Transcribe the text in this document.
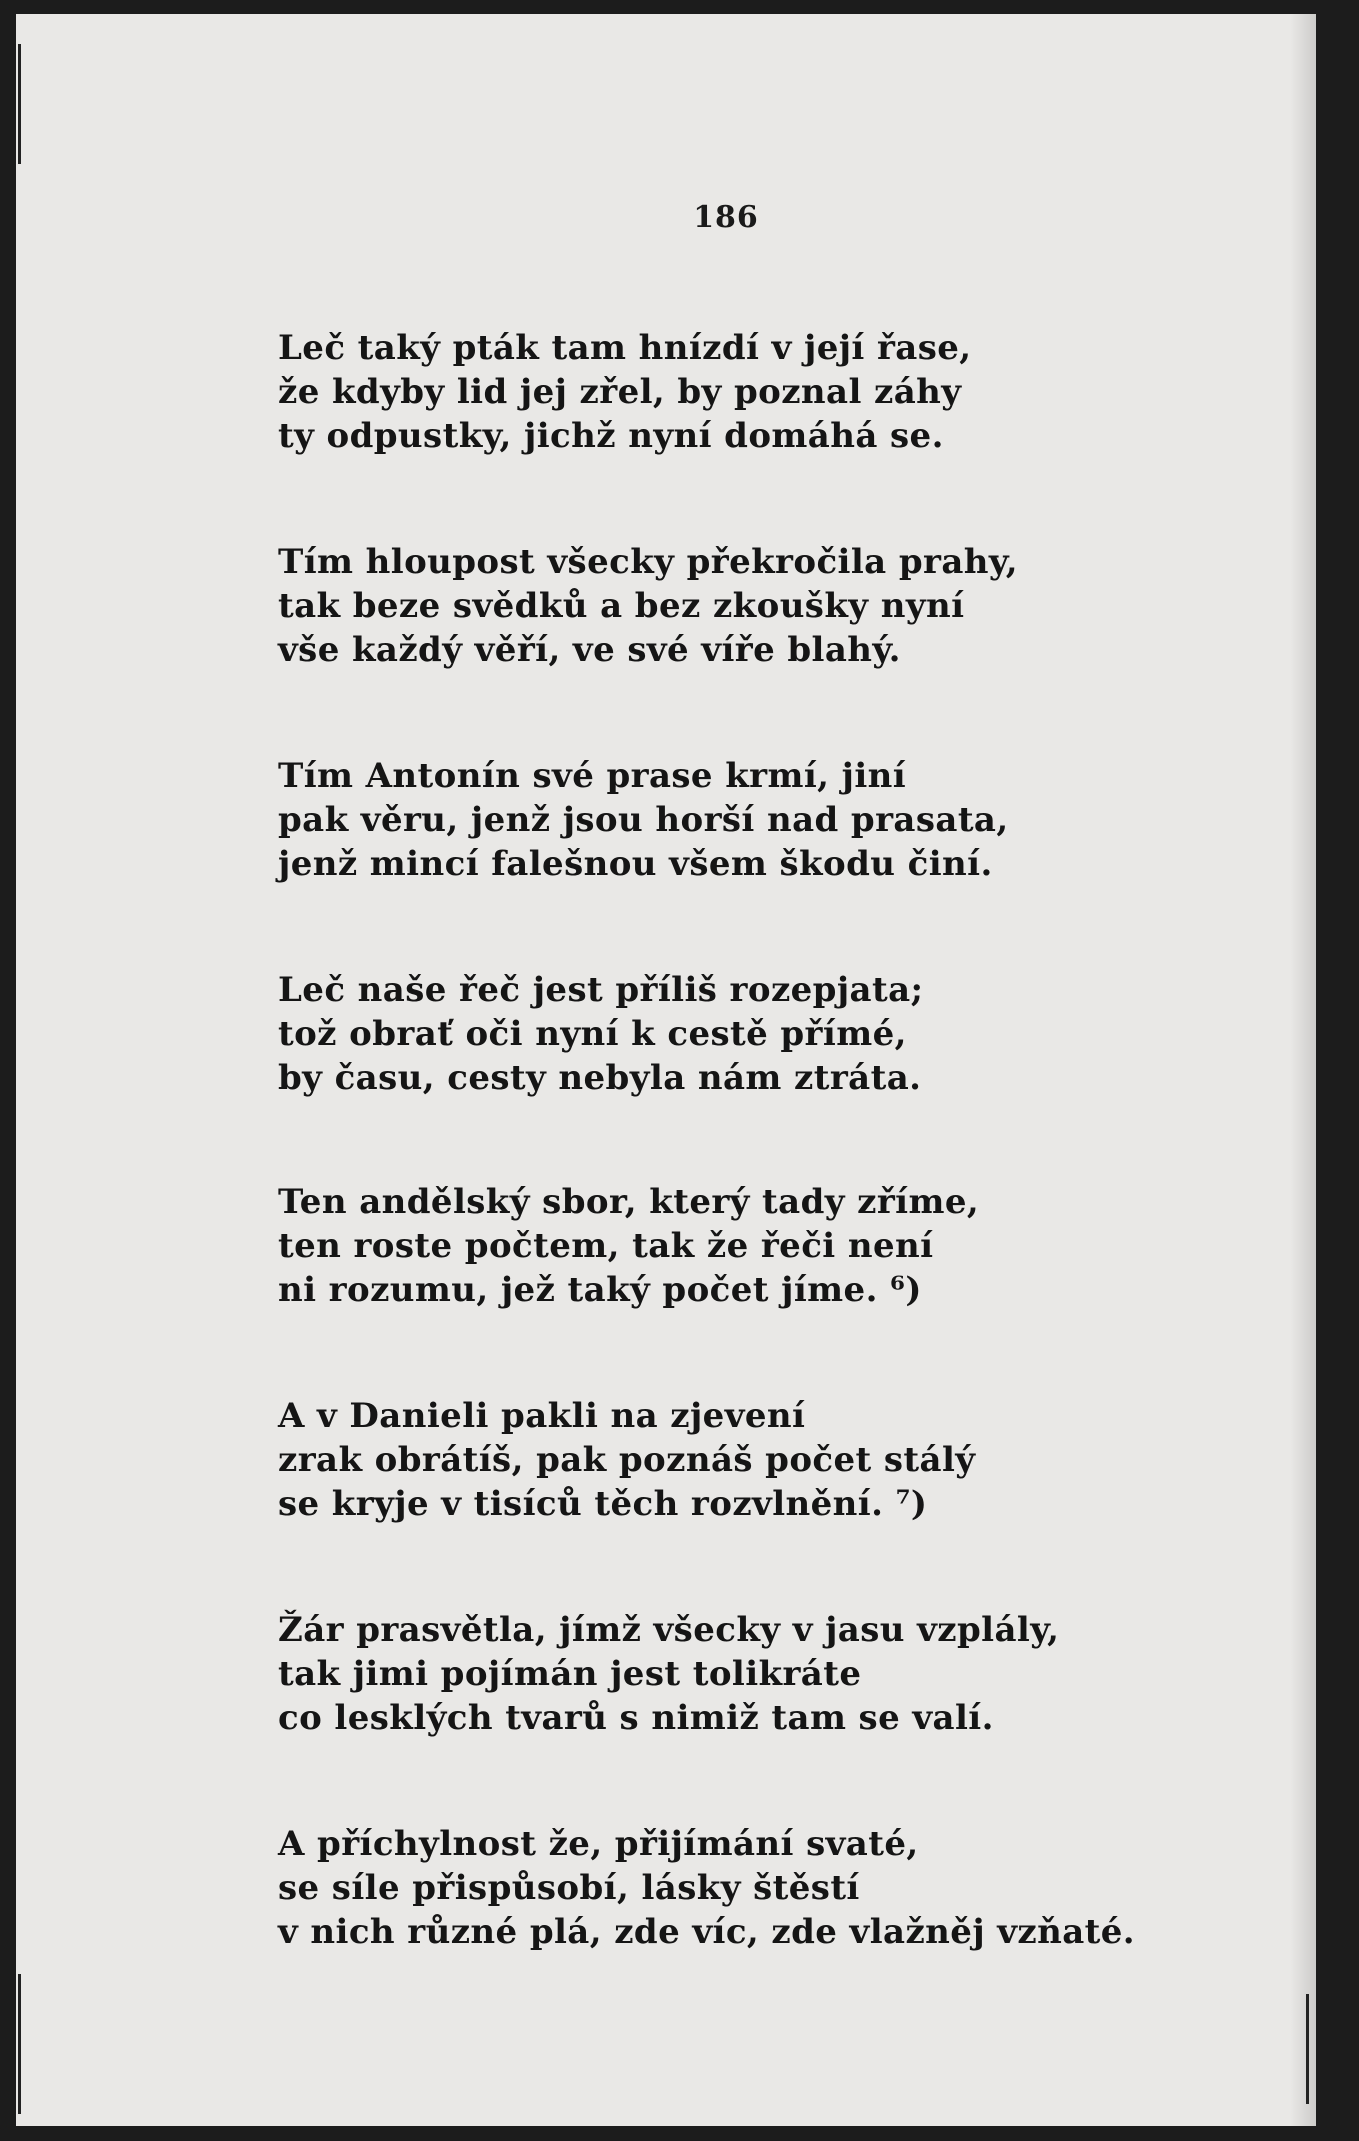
186
Leč taký pták tam hnízdí v její řase,
že kdyby lid jej zřel, by poznal záhy
ty odpustky, jichž nyní domáhá se.
Tím hloupost všecky překročila prahy,
tak beze svědků a bez zkoušky nyní
vše každý věří, ve své víře blahý.
Tím Antonín své prase krmí, jiní
pak věru, jenž jsou horší nad prasata,
jenž mincí falešnou všem škodu činí.
Leč naše řeč jest příliš rozepjata;
tož obrať oči nyní k cestě přímé,
by času, cesty nebyla nám ztráta.
Ten andělský sbor, který tady zříme,
ten roste počtem, tak že řeči není
ni rozumu, jež taký počet jíme. ⁶)
A v Danieli pakli na zjevení
zrak obrátíš, pak poznáš počet stálý
se kryje v tisíců těch rozvlnění. ⁷)
Žár prasvětla, jímž všecky v jasu vzplály,
tak jimi pojímán jest tolikráte
co lesklých tvarů s nimiž tam se valí.
A příchylnost že, přijímání svaté,
se síle přispůsobí, lásky štěstí
v nich různé plá, zde víc, zde vlažněj vzňaté.
